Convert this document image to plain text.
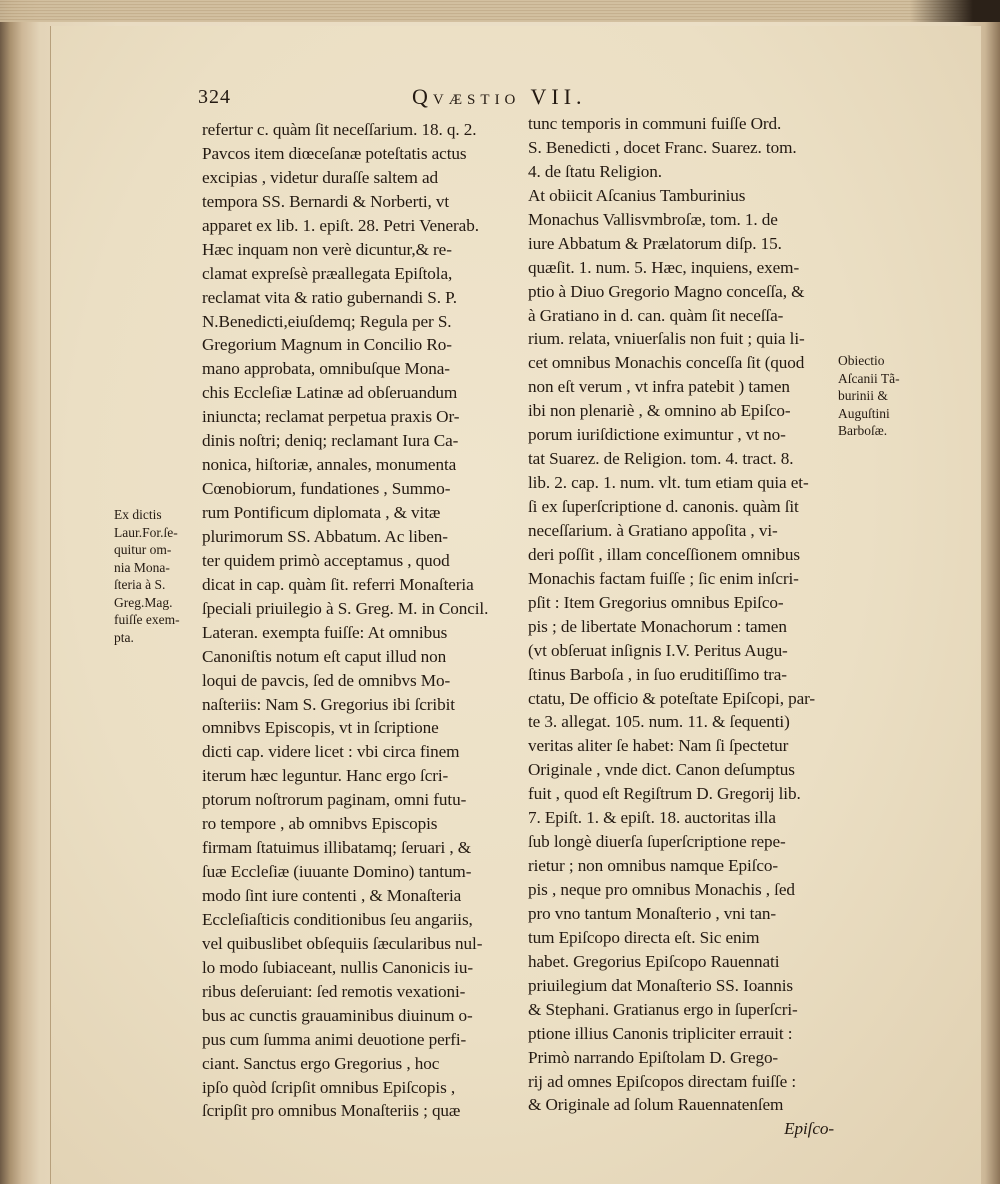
324	Qvæstio VII.
refertur c. quàm ſit neceſſarium. 18. q. 2.
Pavcos item diœceſanæ poteſtatis actus
excipias , videtur duraſſe saltem ad
tempora SS. Bernardi & Norberti, vt
apparet ex lib. 1. epiſt. 28. Petri Venerab.
Hæc inquam non verè dicuntur,& re-
clamat expreſsè præallegata Epiſtola,
reclamat vita & ratio gubernandi S. P.
N.Benedicti,eiuſdemq; Regula per S.
Gregorium Magnum in Concilio Ro-
mano approbata, omnibuſque Mona-
chis Eccleſiæ Latinæ ad obſeruandum
iniuncta; reclamat perpetua praxis Or-
dinis noſtri; deniq; reclamant Iura Ca-
nonica, hiſtoriæ, annales, monumenta
Cœnobiorum, fundationes , Summo-
rum Pontificum diplomata , & vitæ
plurimorum SS. Abbatum. Ac liben-
ter quidem primò acceptamus , quod
dicat in cap. quàm ſit. referri Monaſteria
ſpeciali priuilegio à S. Greg. M. in Concil.
Lateran. exempta fuiſſe: At omnibus
Canoniſtis notum eſt caput illud non
loqui de pavcis, ſed de omnibvs Mo-
naſteriis: Nam S. Gregorius ibi ſcribit
omnibvs Episcopis, vt in ſcriptione
dicti cap. videre licet : vbi circa finem
iterum hæc leguntur. Hanc ergo ſcri-
ptorum noſtrorum paginam, omni futu-
ro tempore , ab omnibvs Episcopis
firmam ſtatuimus illibatamq; ſeruari , &
ſuæ Eccleſiæ (iuuante Domino) tantum-
modo ſint iure contenti , & Monaſteria
Eccleſiaſticis conditionibus ſeu angariis,
vel quibuslibet obſequiis ſæcularibus nul-
lo modo ſubiaceant, nullis Canonicis iu-
ribus deſeruiant: ſed remotis vexationi-
bus ac cunctis grauaminibus diuinum o-
pus cum ſumma animi deuotione perfi-
ciant. Sanctus ergo Gregorius , hoc
ipſo quòd ſcripſit omnibus Epiſcopis ,
ſcripſit pro omnibus Monaſteriis ; quæ
tunc temporis in communi fuiſſe Ord.
S. Benedicti , docet Franc. Suarez. tom.
4. de ſtatu Religion.
At obiicit Aſcanius Tamburinius
Monachus Vallisvmbroſæ, tom. 1. de
iure Abbatum & Prælatorum diſp. 15.
quæſit. 1. num. 5. Hæc, inquiens, exem-
ptio à Diuo Gregorio Magno conceſſa, &
à Gratiano in d. can. quàm ſit neceſſa-
rium. relata, vniuerſalis non fuit ; quia li-
cet omnibus Monachis conceſſa ſit (quod
non eſt verum , vt infra patebit ) tamen
ibi non plenariè , & omnino ab Epiſco-
porum iuriſdictione eximuntur , vt no-
tat Suarez. de Religion. tom. 4. tract. 8.
lib. 2. cap. 1. num. vlt. tum etiam quia et-
ſi ex ſuperſcriptione d. canonis. quàm ſit
neceſſarium. à Gratiano appoſita , vi-
deri poſſit , illam conceſſionem omnibus
Monachis factam fuiſſe ; ſic enim inſcri-
pſit : Item Gregorius omnibus Epiſco-
pis ; de libertate Monachorum : tamen
(vt obſeruat inſignis I.V. Peritus Augu-
ſtinus Barboſa , in ſuo eruditiſſimo tra-
ctatu, De officio & poteſtate Epiſcopi, par-
te 3. allegat. 105. num. 11. & ſequenti)
veritas aliter ſe habet: Nam ſi ſpectetur
Originale , vnde dict. Canon deſumptus
fuit , quod eſt Regiſtrum D. Gregorij lib.
7. Epiſt. 1. & epiſt. 18. auctoritas illa
ſub longè diuerſa ſuperſcriptione repe-
rietur ; non omnibus namque Epiſco-
pis , neque pro omnibus Monachis , ſed
pro vno tantum Monaſterio , vni tan-
tum Epiſcopo directa eſt. Sic enim
habet. Gregorius Epiſcopo Rauennati
priuilegium dat Monaſterio SS. Ioannis
& Stephani. Gratianus ergo in ſuperſcri-
ptione illius Canonis tripliciter errauit :
Primò narrando Epiſtolam D. Grego-
rij ad omnes Epiſcopos directam fuiſſe :
& Originale ad ſolum Rauennatenſem
Epiſco-
Ex dictis
Laur.For.ſe-
quitur om-
nia Mona-
ſteria à S.
Greg.Mag.
fuiſſe exem-
pta.
Obiectio
Aſcanii Tã-
burinii &
Auguſtini
Barboſæ.
